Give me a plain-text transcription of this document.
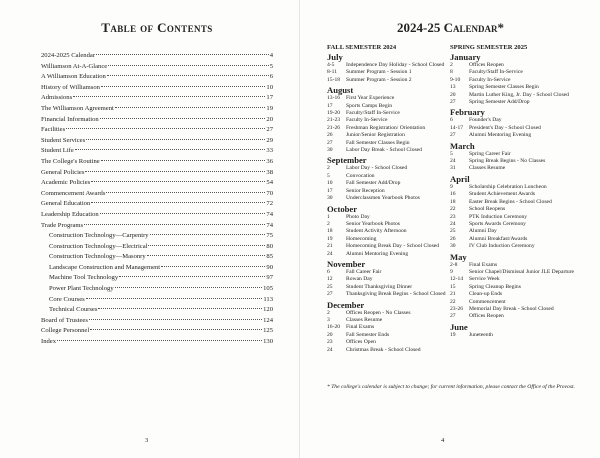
Table of Contents
2024-2025 Calendar	4
Williamson At-A-Glance	5
A Williamson Education	6
History of Williamson	10
Admissions	17
The Williamson Agreement	19
Financial Information	20
Facilities	27
Student Services	29
Student Life	33
The College's Routine	36
General Policies	38
Academic Policies	54
Commencement Awards	70
General Education	72
Leadership Education	74
Trade Programs	74
Construction Technology—Carpentry	75
Construction Technology—Electrical	80
Construction Technology—Masonry	85
Landscape Construction and Management	90
Machine Tool Technology	97
Power Plant Technology	105
Core Courses	113
Technical Courses	120
Board of Trustees	124
College Personnel	125
Index	130
3
2024-25 Calendar*
FALL SEMESTER 2024
July
4-5	Independence Day Holiday - School Closed
8-11	Summer Program - Session 1
15-18	Summer Program - Session 2
August
13-16	First Year Experience
17	Sports Camps Begin
19-20	Faculty/Staff In-Service
21-23	Faculty In-Service
21-26	Freshman Registration/ Orientation
26	Junior/Senior Registration
27	Fall Semester Classes Begin
30	Labor Day Break - School Closed
September
2	Labor Day - School Closed
5	Convocation
10	Fall Semester Add/Drop
17	Senior Reception
30	Underclassmen Yearbook Photos
October
1	Photo Day
2	Senior Yearbook Photos
18	Student Activity Afternoon
19	Homecoming
21	Homecoming Break Day - School Closed
24	Alumni Mentoring Evening
November
6	Fall Career Fair
12	Rowan Day
25	Student Thanksgiving Dinner
27	Thanksgiving Break Begins - School Closed
December
2	Offices Reopen - No Classes
3	Classes Resume
16-20	Final Exams
20	Fall Semester Ends
23	Offices Open
24	Christmas Break - School Closed
SPRING SEMESTER 2025
January
2	Offices Reopen
8	Faculty/Staff In-Service
9-10	Faculty In-Service
13	Spring Semester Classes Begin
20	Martin Luther King, Jr. Day - School Closed
27	Spring Semester Add/Drop
February
6	Founder's Day
14-17	President's Day - School Closed
27	Alumni Mentoring Evening
March
5	Spring Career Fair
24	Spring Break Begins - No Classes
31	Classes Resume
April
9	Scholarship Celebration Luncheon
16	Student Achievement Awards
18	Easter Break Begins - School Closed
22	School Reopens
23	PTK Induction Ceremony
24	Sports Awards Ceremony
25	Alumni Day
26	Alumni Breakfast/Awards
30	IV Club Induction Ceremony
May
2-8	Final Exams
9	Senior Chapel/Dismissal Junior JLE Departure
12-14	Service Week
15	Spring Cleanup Begins
21	Clean-up Ends
22	Commencement
23-26	Memorial Day Break - School Closed
27	Offices Reopen
June
19	Juneteenth
* The college's calendar is subject to change; for current information, please contact the Office of the Provost.
4
